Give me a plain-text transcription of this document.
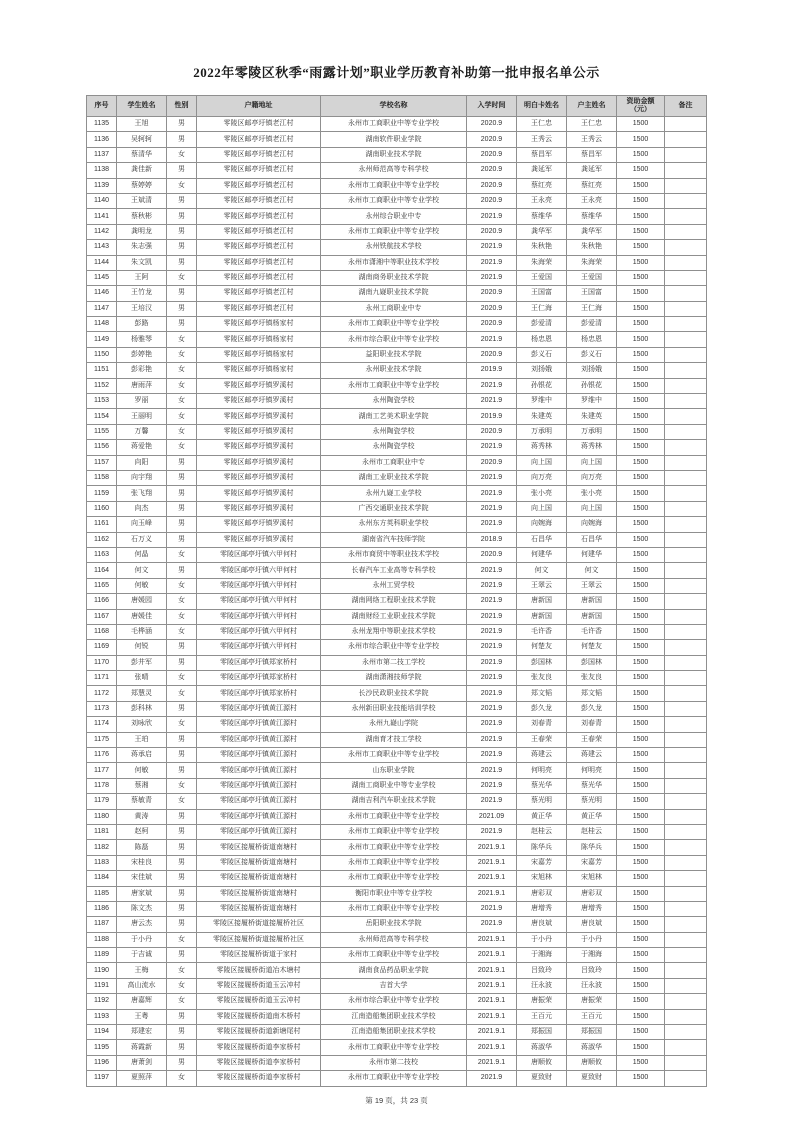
2022年零陵区秋季“雨露计划”职业学历教育补助第一批申报名单公示
序号	学生姓名	性别	户籍地址	学校名称	入学时间	明白卡姓名	户主姓名	资助金额（元）	备注
1135	王旭	男	零陵区邮亭圩镇老江村	永州市工商职业中等专业学校	2020.9	王仁忠	王仁忠	1500	
1136	吴轲轲	男	零陵区邮亭圩镇老江村	湖南软件职业学院	2020.9	王秀云	王秀云	1500	
1137	蔡清华	女	零陵区邮亭圩镇老江村	湖南职业技术学院	2020.9	蔡昌军	蔡昌军	1500	
1138	龚佳新	男	零陵区邮亭圩镇老江村	永州师范高等专科学校	2020.9	龚延军	龚延军	1500	
1139	蔡婷婷	女	零陵区邮亭圩镇老江村	永州市工商职业中等专业学校	2020.9	蔡红亮	蔡红亮	1500	
1140	王斌清	男	零陵区邮亭圩镇老江村	永州市工商职业中等专业学校	2020.9	王永亮	王永亮	1500	
1141	蔡秋彬	男	零陵区邮亭圩镇老江村	永州综合职业中专	2021.9	蔡维华	蔡维华	1500	
1142	龚明龙	男	零陵区邮亭圩镇老江村	永州市工商职业中等专业学校	2020.9	龚华军	龚华军	1500	
1143	朱志强	男	零陵区邮亭圩镇老江村	永州铁航技术学校	2021.9	朱秋艳	朱秋艳	1500	
1144	朱文凯	男	零陵区邮亭圩镇老江村	永州市潇湘中等职业技术学校	2021.9	朱海荣	朱海荣	1500	
1145	王阿	女	零陵区邮亭圩镇老江村	湖南商务职业技术学院	2021.9	王爱国	王爱国	1500	
1146	王竹龙	男	零陵区邮亭圩镇老江村	湖南九嶷职业技术学院	2020.9	王国富	王国富	1500	
1147	王培汉	男	零陵区邮亭圩镇老江村	永州工商职业中专	2020.9	王仁海	王仁海	1500	
1148	彭路	男	零陵区邮亭圩镇杨家村	永州市工商职业中等专业学校	2020.9	彭爱清	彭爱清	1500	
1149	杨雅琴	女	零陵区邮亭圩镇杨家村	永州市综合职业中等专业学校	2021.9	杨忠恩	杨忠恩	1500	
1150	彭婷艳	女	零陵区邮亭圩镇杨家村	益阳职业技术学院	2020.9	彭义石	彭义石	1500	
1151	彭彩艳	女	零陵区邮亭圩镇杨家村	永州职业技术学院	2019.9	刘扬娥	刘扬娥	1500	
1152	唐雨萍	女	零陵区邮亭圩镇罗溪村	永州市工商职业中等专业学校	2021.9	孙银花	孙银花	1500	
1153	罗丽	女	零陵区邮亭圩镇罗溪村	永州陶瓷学校	2021.9	罗维中	罗维中	1500	
1154	王丽明	女	零陵区邮亭圩镇罗溪村	湖南工艺美术职业学院	2019.9	朱建英	朱建英	1500	
1155	万馨	女	零陵区邮亭圩镇罗溪村	永州陶瓷学校	2020.9	万承明	万承明	1500	
1156	蒋爱艳	女	零陵区邮亭圩镇罗溪村	永州陶瓷学校	2021.9	蒋秀林	蒋秀林	1500	
1157	向阳	男	零陵区邮亭圩镇罗溪村	永州市工商职业中专	2020.9	向上国	向上国	1500	
1158	向宇翔	男	零陵区邮亭圩镇罗溪村	湖南工业职业技术学院	2021.9	向万亮	向万亮	1500	
1159	张飞翔	男	零陵区邮亭圩镇罗溪村	永州九嶷工业学校	2021.9	张小亮	张小亮	1500	
1160	向杰	男	零陵区邮亭圩镇罗溪村	广西交通职业技术学院	2021.9	向上国	向上国	1500	
1161	向玉峰	男	零陵区邮亭圩镇罗溪村	永州东方英科职业学校	2021.9	向婉海	向婉海	1500	
1162	石万义	男	零陵区邮亭圩镇罗溪村	湖南省汽车技师学院	2018.9	石昌华	石昌华	1500	
1163	何晶	女	零陵区邮亭圩镇六甲何村	永州市商贸中等职业技术学校	2020.9	何建华	何建华	1500	
1164	何文	男	零陵区邮亭圩镇六甲何村	长春汽车工业高等专科学校	2021.9	何文	何文	1500	
1165	何敏	女	零陵区邮亭圩镇六甲何村	永州工贸学校	2021.9	王翠云	王翠云	1500	
1166	唐媛园	女	零陵区邮亭圩镇六甲何村	湖南网络工程职业技术学院	2021.9	唐新国	唐新国	1500	
1167	唐媛佳	女	零陵区邮亭圩镇六甲何村	湖南财经工业职业技术学院	2021.9	唐新国	唐新国	1500	
1168	毛桦涵	女	零陵区邮亭圩镇六甲何村	永州龙翔中等职业技术学校	2021.9	毛许香	毛许香	1500	
1169	何锐	男	零陵区邮亭圩镇六甲何村	永州市综合职业中等专业学校	2021.9	何楚友	何楚友	1500	
1170	彭井军	男	零陵区邮亭圩镇郑家桥村	永州市第二技工学校	2021.9	彭国林	彭国林	1500	
1171	张晴	女	零陵区邮亭圩镇郑家桥村	湖南潇湘技师学院	2021.9	张友良	张友良	1500	
1172	郑慧灵	女	零陵区邮亭圩镇郑家桥村	长沙民政职业技术学院	2021.9	郑文韬	郑文韬	1500	
1173	彭科林	男	零陵区邮亭圩镇黄江源村	永州新田职业技能培训学校	2021.9	彭久龙	彭久龙	1500	
1174	刘咏欣	女	零陵区邮亭圩镇黄江源村	永州九嶷山学院	2021.9	刘春青	刘春青	1500	
1175	王珀	男	零陵区邮亭圩镇黄江源村	湖南育才技工学校	2021.9	王春荣	王春荣	1500	
1176	蒋承启	男	零陵区邮亭圩镇黄江源村	永州市工商职业中等专业学校	2021.9	蒋建云	蒋建云	1500	
1177	何敏	男	零陵区邮亭圩镇黄江源村	山东职业学院	2021.9	何明亮	何明亮	1500	
1178	蔡湘	女	零陵区邮亭圩镇黄江源村	湖南工商职业中等专业学校	2021.9	蔡光华	蔡光华	1500	
1179	蔡敏青	女	零陵区邮亭圩镇黄江源村	湖南吉利汽车职业技术学院	2021.9	蔡光明	蔡光明	1500	
1180	黄涛	男	零陵区邮亭圩镇黄江源村	永州市工商职业中等专业学校	2021.09	黄正华	黄正华	1500	
1181	赵柯	男	零陵区邮亭圩镇黄江源村	永州市工商职业中等专业学校	2021.9	赵桂云	赵桂云	1500	
1182	陈磊	男	零陵区接履桥街道南塘村	永州市工商职业中等专业学校	2021.9.1	陈华兵	陈华兵	1500	
1183	宋桂良	男	零陵区接履桥街道南塘村	永州市工商职业中等专业学校	2021.9.1	宋嘉芳	宋嘉芳	1500	
1184	宋佳斌	男	零陵区接履桥街道南塘村	永州市工商职业中等专业学校	2021.9.1	宋旭林	宋旭林	1500	
1185	唐家斌	男	零陵区接履桥街道南塘村	衡阳市职业中等专业学校	2021.9.1	唐彩双	唐彩双	1500	
1186	陈文杰	男	零陵区接履桥街道南塘村	永州市工商职业中等专业学校	2021.9	唐增秀	唐增秀	1500	
1187	唐云杰	男	零陵区接履桥街道接履桥社区	岳阳职业技术学院	2021.9	唐良斌	唐良斌	1500	
1188	于小丹	女	零陵区接履桥街道接履桥社区	永州师范高等专科学校	2021.9.1	于小丹	于小丹	1500	
1189	于吉诚	男	零陵区接履桥街道于家村	永州市工商职业中等专业学校	2021.9.1	于湘海	于湘海	1500	
1190	王梅	女	零陵区接履桥街道冶木塘村	湖南食品药品职业学院	2021.9.1	吕致玲	吕致玲	1500	
1191	高山流水	女	零陵区接履桥街道玉云冲村	吉首大学	2021.9.1	汪永波	汪永波	1500	
1192	唐嘉辉	女	零陵区接履桥街道玉云冲村	永州市综合职业中等专业学校	2021.9.1	唐振荣	唐振荣	1500	
1193	王粤	男	零陵区接履桥街道南木桥村	江南造船集团职业技术学校	2021.9.1	王百元	王百元	1500	
1194	郑建宏	男	零陵区接履桥街道新塘尾村	江南造船集团职业技术学校	2021.9.1	郑振国	郑振国	1500	
1195	蒋霞新	男	零陵区接履桥街道李家桥村	永州市工商职业中等专业学校	2021.9.1	蒋淑华	蒋淑华	1500	
1196	唐萧剑	男	零陵区接履桥街道李家桥村	永州市第二技校	2021.9.1	唐顺攸	唐顺攸	1500	
1197	夏照萍	女	零陵区接履桥街道李家桥村	永州市工商职业中等专业学校	2021.9	夏致财	夏致财	1500	
第 19 页，共 23 页
